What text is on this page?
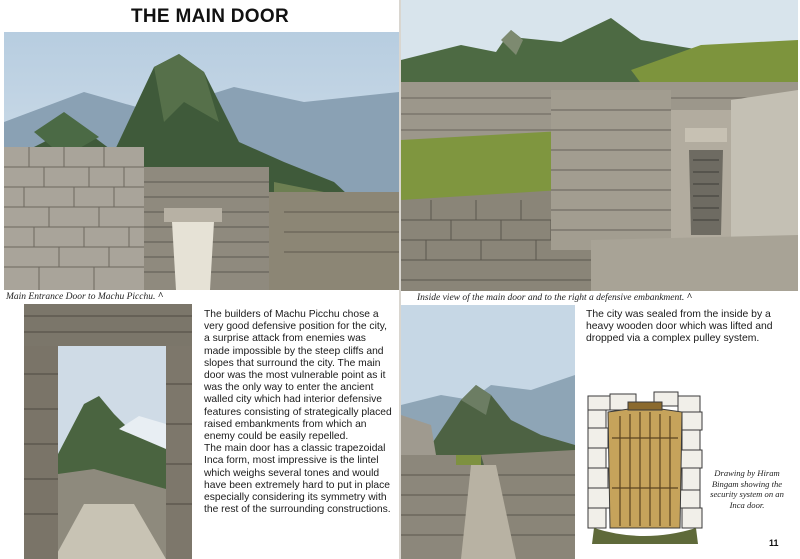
THE MAIN DOOR
Main Entrance Door to Machu Picchu. ^

The builders of Machu Picchu chose a very good defensive position for the city, a surprise attack from enemies was made impossible by the steep cliffs and slopes that surround the city. The main door was the most vulnerable point as it was the only way to enter the ancient walled city which had interior defensive features consisting of strategically placed raised embankments from which an enemy could be easily repelled.

The main door has a classic trapezoidal Inca form, most impressive is the lintel which weighs several tones and would have been extremely hard to put in place especially considering its symmetry with the rest of the surrounding constructions.

Inside view of the main door and to the right a defensive embankment. ^
The city was sealed from the inside by a heavy wooden door which was lifted and dropped via a complex pulley system.
Drawing by Hiram Bingam showing the security system on an Inca door.
11
